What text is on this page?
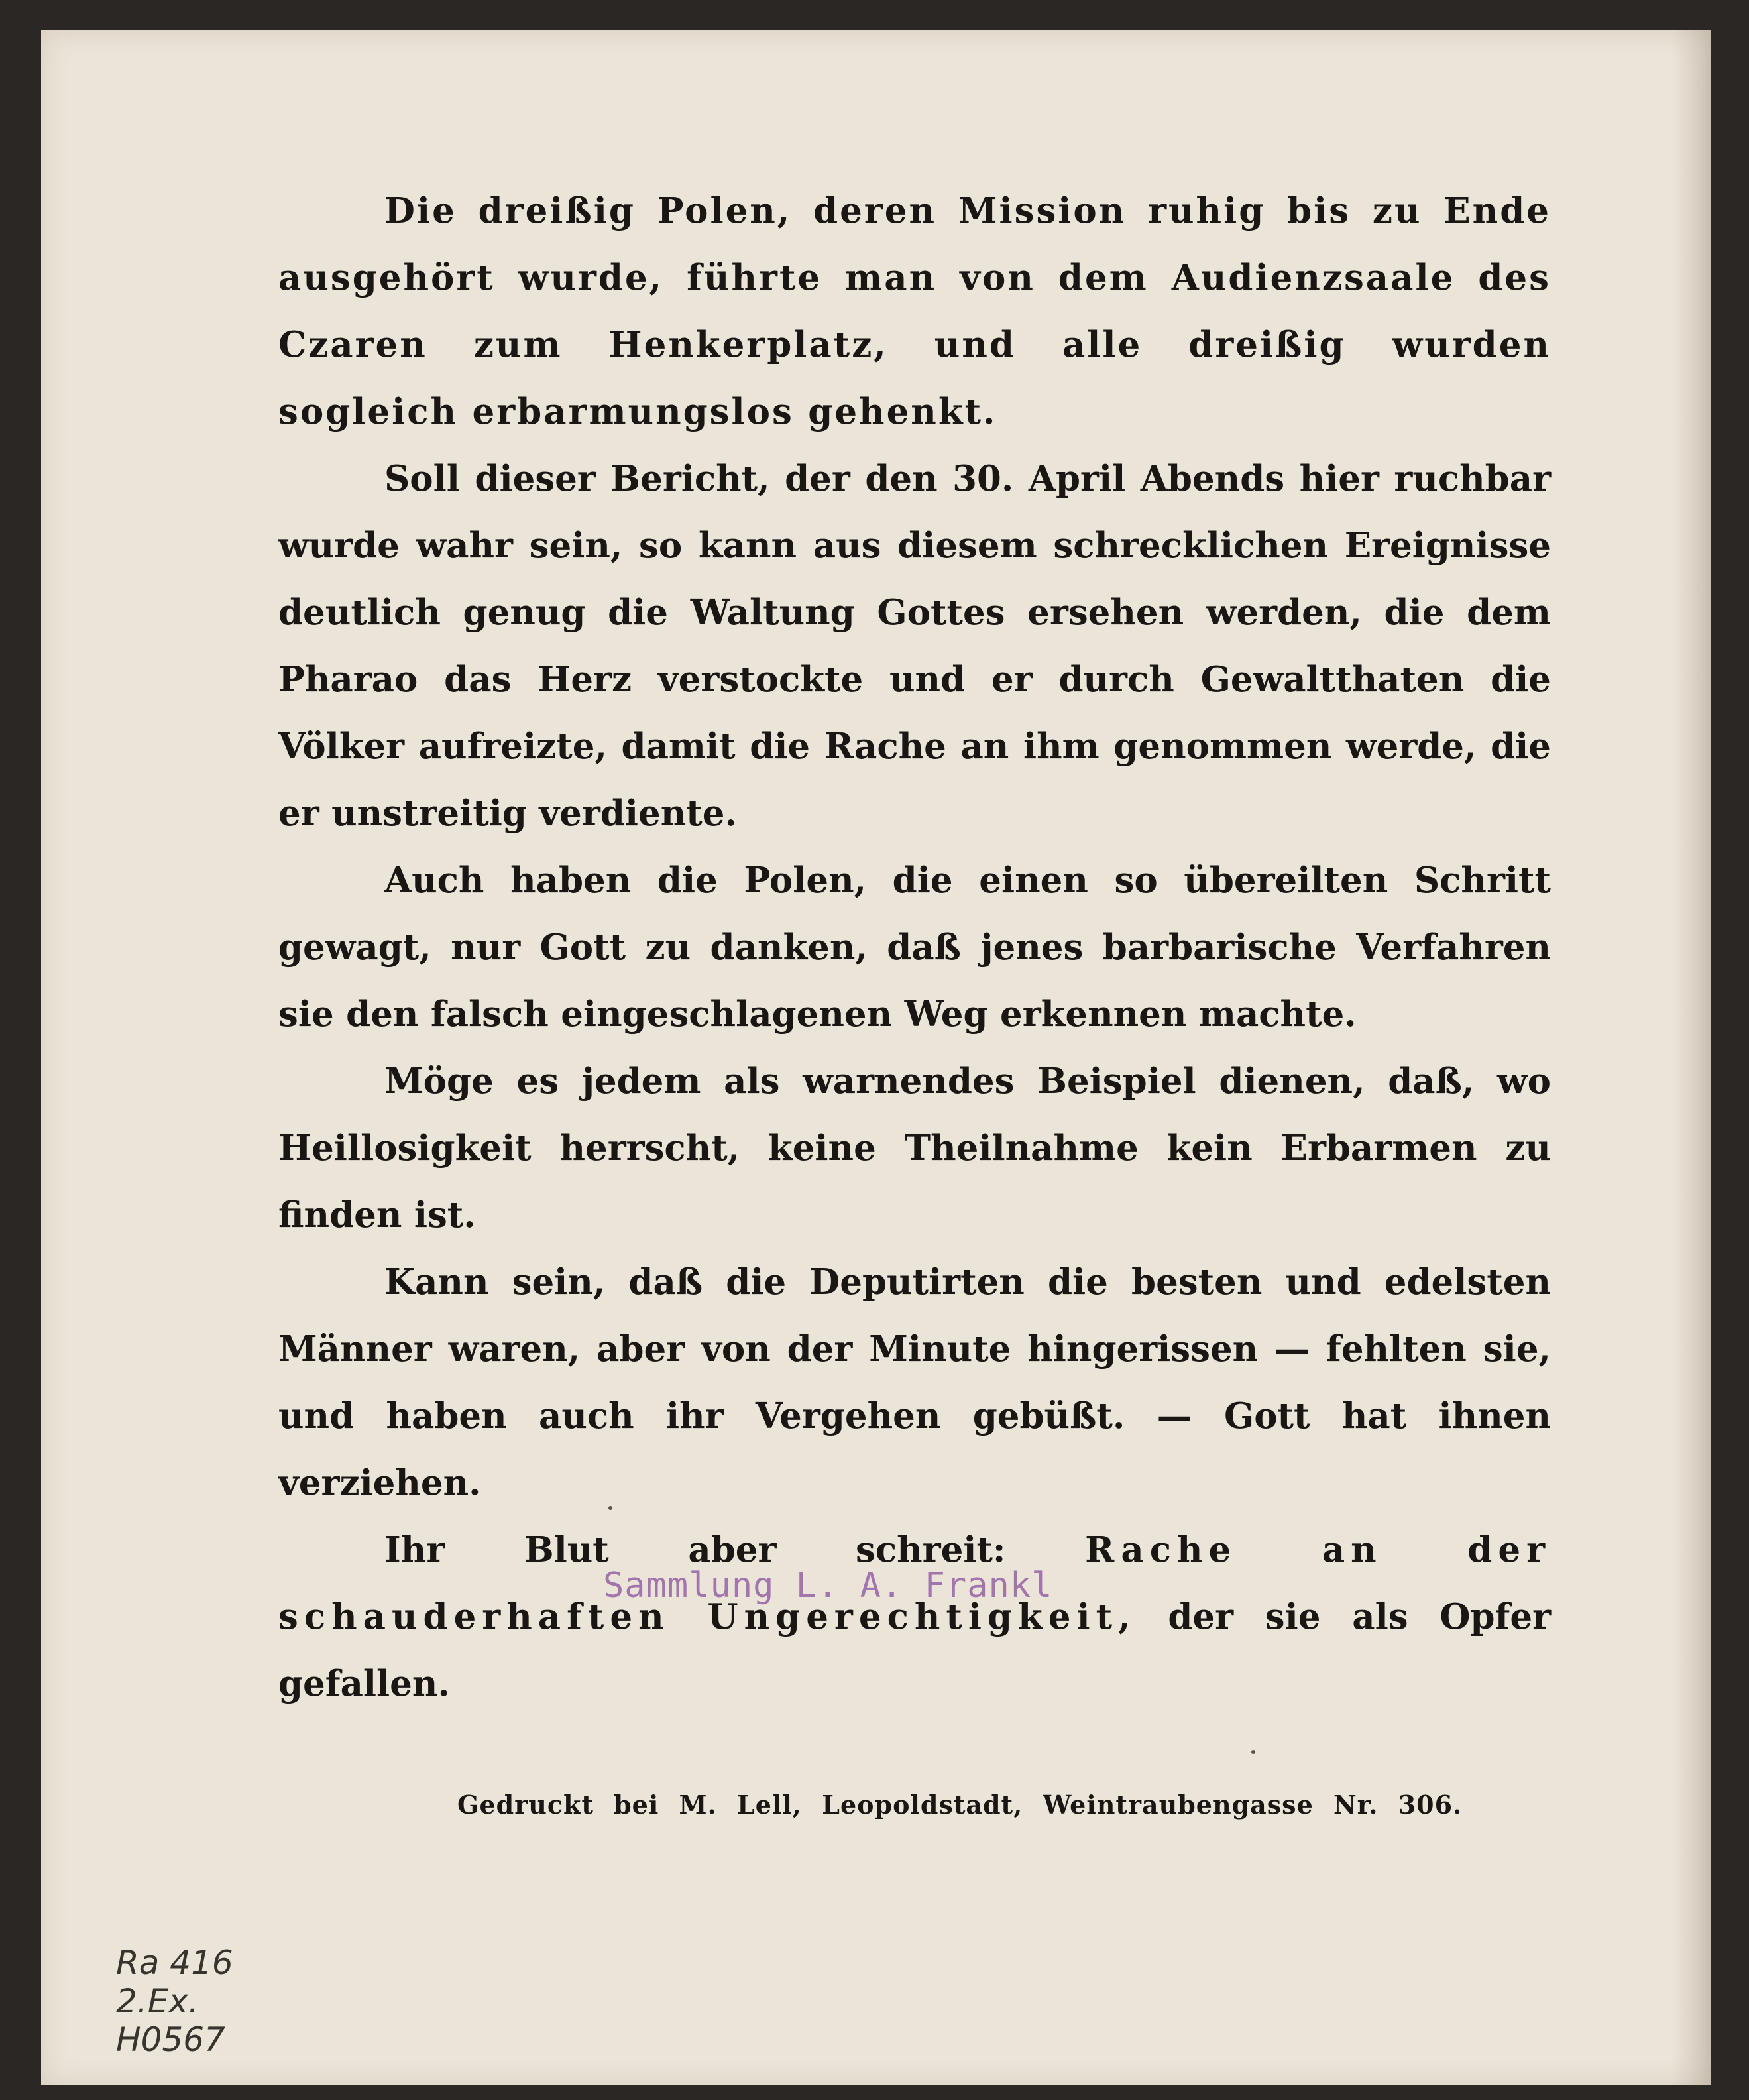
Die dreißig Polen, deren Mission ruhig bis zu Ende ausgehört wurde, führte man von dem Audienzsaale des Czaren zum Henkerplatz, und alle dreißig wurden sogleich erbarmungslos gehenkt.

Soll dieser Bericht, der den 30. April Abends hier ruchbar wurde wahr sein, so kann aus diesem schrecklichen Ereignisse deutlich genug die Waltung Gottes ersehen werden, die dem Pharao das Herz verstockte und er durch Gewaltthaten die Völker aufreizte, damit die Rache an ihm genommen werde, die er unstreitig verdiente.

Auch haben die Polen, die einen so übereilten Schritt gewagt, nur Gott zu danken, daß jenes barbarische Verfahren sie den falsch eingeschlagenen Weg erkennen machte.

Möge es jedem als warnendes Beispiel dienen, daß, wo Heillosigkeit herrscht, keine Theilnahme kein Erbarmen zu finden ist.

Kann sein, daß die Deputirten die besten und edelsten Männer waren, aber von der Minute hingerissen — fehlten sie, und haben auch ihr Vergehen gebüßt. — Gott hat ihnen verziehen.

Ihr Blut aber schreit: Rache an der schauderhaften Ungerechtigkeit, der sie als Opfer gefallen.

Sammlung L. A. Frankl
Gedruckt bei M. Lell, Leopoldstadt, Weintraubengasse Nr. 306.
Ra 416 2.Ex.
H0567
